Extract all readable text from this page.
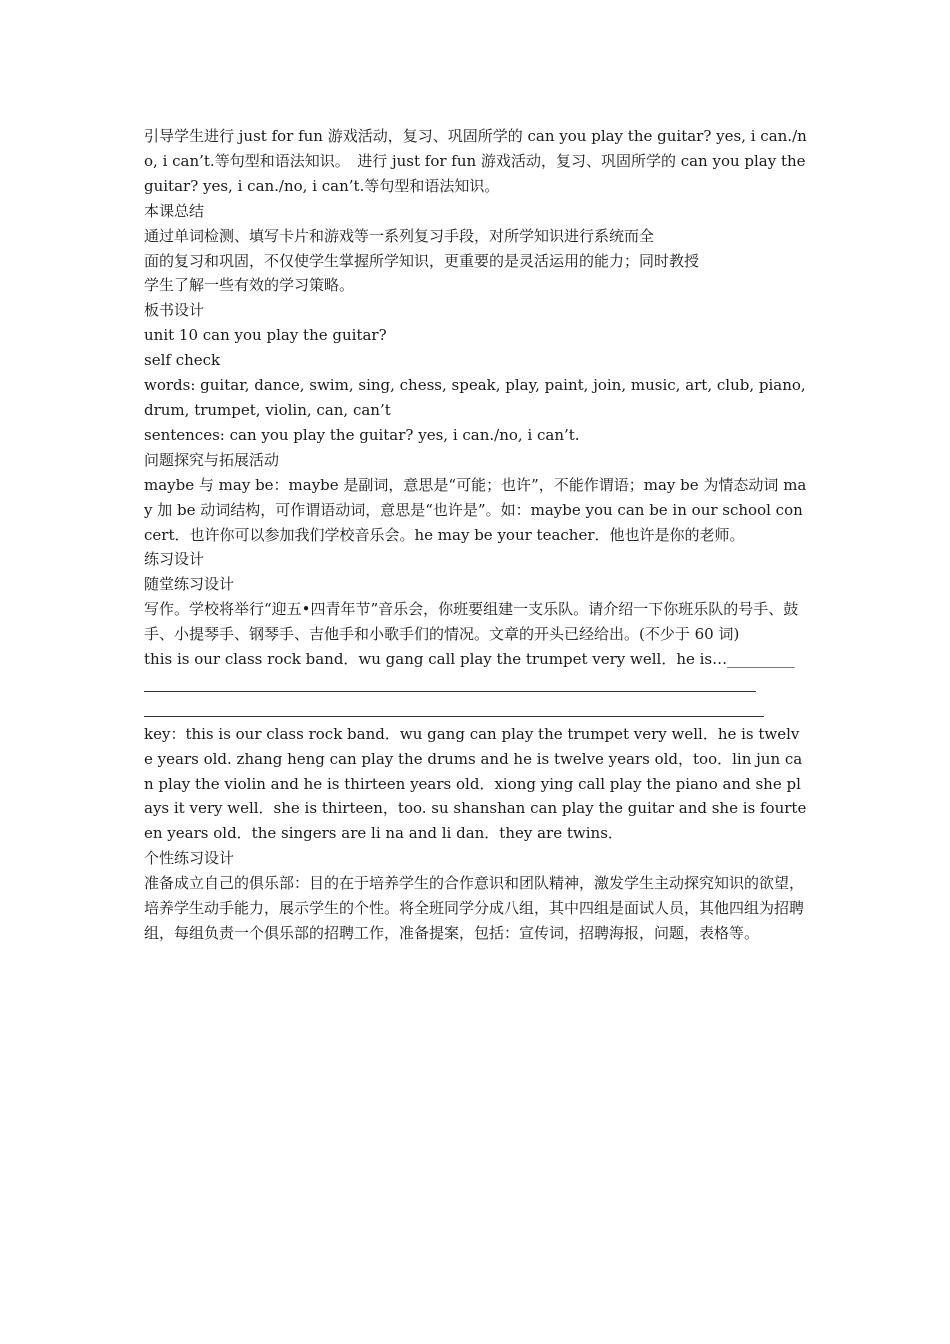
引导学生进行 just for fun 游戏活动，复习、巩固所学的 can you play the guitar? yes, i can./no, i can’t.等句型和语法知识。　进行 just for fun 游戏活动，复习、巩固所学的 can you play the guitar? yes, i can./no, i can’t.等句型和语法知识。

本课总结

通过单词检测、填写卡片和游戏等一系列复习手段，对所学知识进行系统而全

面的复习和巩固，不仅使学生掌握所学知识，更重要的是灵活运用的能力；同时教授

学生了解一些有效的学习策略。

板书设计

unit 10 can you play the guitar?

self check

words: guitar, dance, swim, sing, chess, speak, play, paint, join, music, art, club, piano, drum, trumpet, violin, can, can’t

sentences: can you play the guitar? yes, i can./no, i can’t.

问题探究与拓展活动

maybe 与 may be：maybe 是副词，意思是“可能；也许”，不能作谓语；may be 为情态动词 may 加 be 动词结构，可作谓语动词，意思是“也许是”。如：maybe you can be in our school concert．也许你可以参加我们学校音乐会。he may be your teacher．他也许是你的老师。

练习设计

随堂练习设计

写作。学校将举行“迎五•四青年节”音乐会，你班要组建一支乐队。请介绍一下你班乐队的号手、鼓手、小提琴手、钢琴手、吉他手和小歌手们的情况。文章的开头已经给出。(不少于 60 词)

this is our class rock band．wu gang call play the trumpet very well．he is…_________

key：this is our class rock band．wu gang can play the trumpet very well．he is twelve years old. zhang heng can play the drums and he is twelve years old，too．lin jun can play the violin and he is thirteen years old．xiong ying call play the piano and she plays it very well．she is thirteen，too. su shanshan can play the guitar and she is fourteen years old．the singers are li na and li dan．they are twins．

个性练习设计

准备成立自己的俱乐部：目的在于培养学生的合作意识和团队精神，激发学生主动探究知识的欲望，培养学生动手能力，展示学生的个性。将全班同学分成八组，其中四组是面试人员，其他四组为招聘组，每组负责一个俱乐部的招聘工作，准备提案，包括：宣传词，招聘海报，问题，表格等。
